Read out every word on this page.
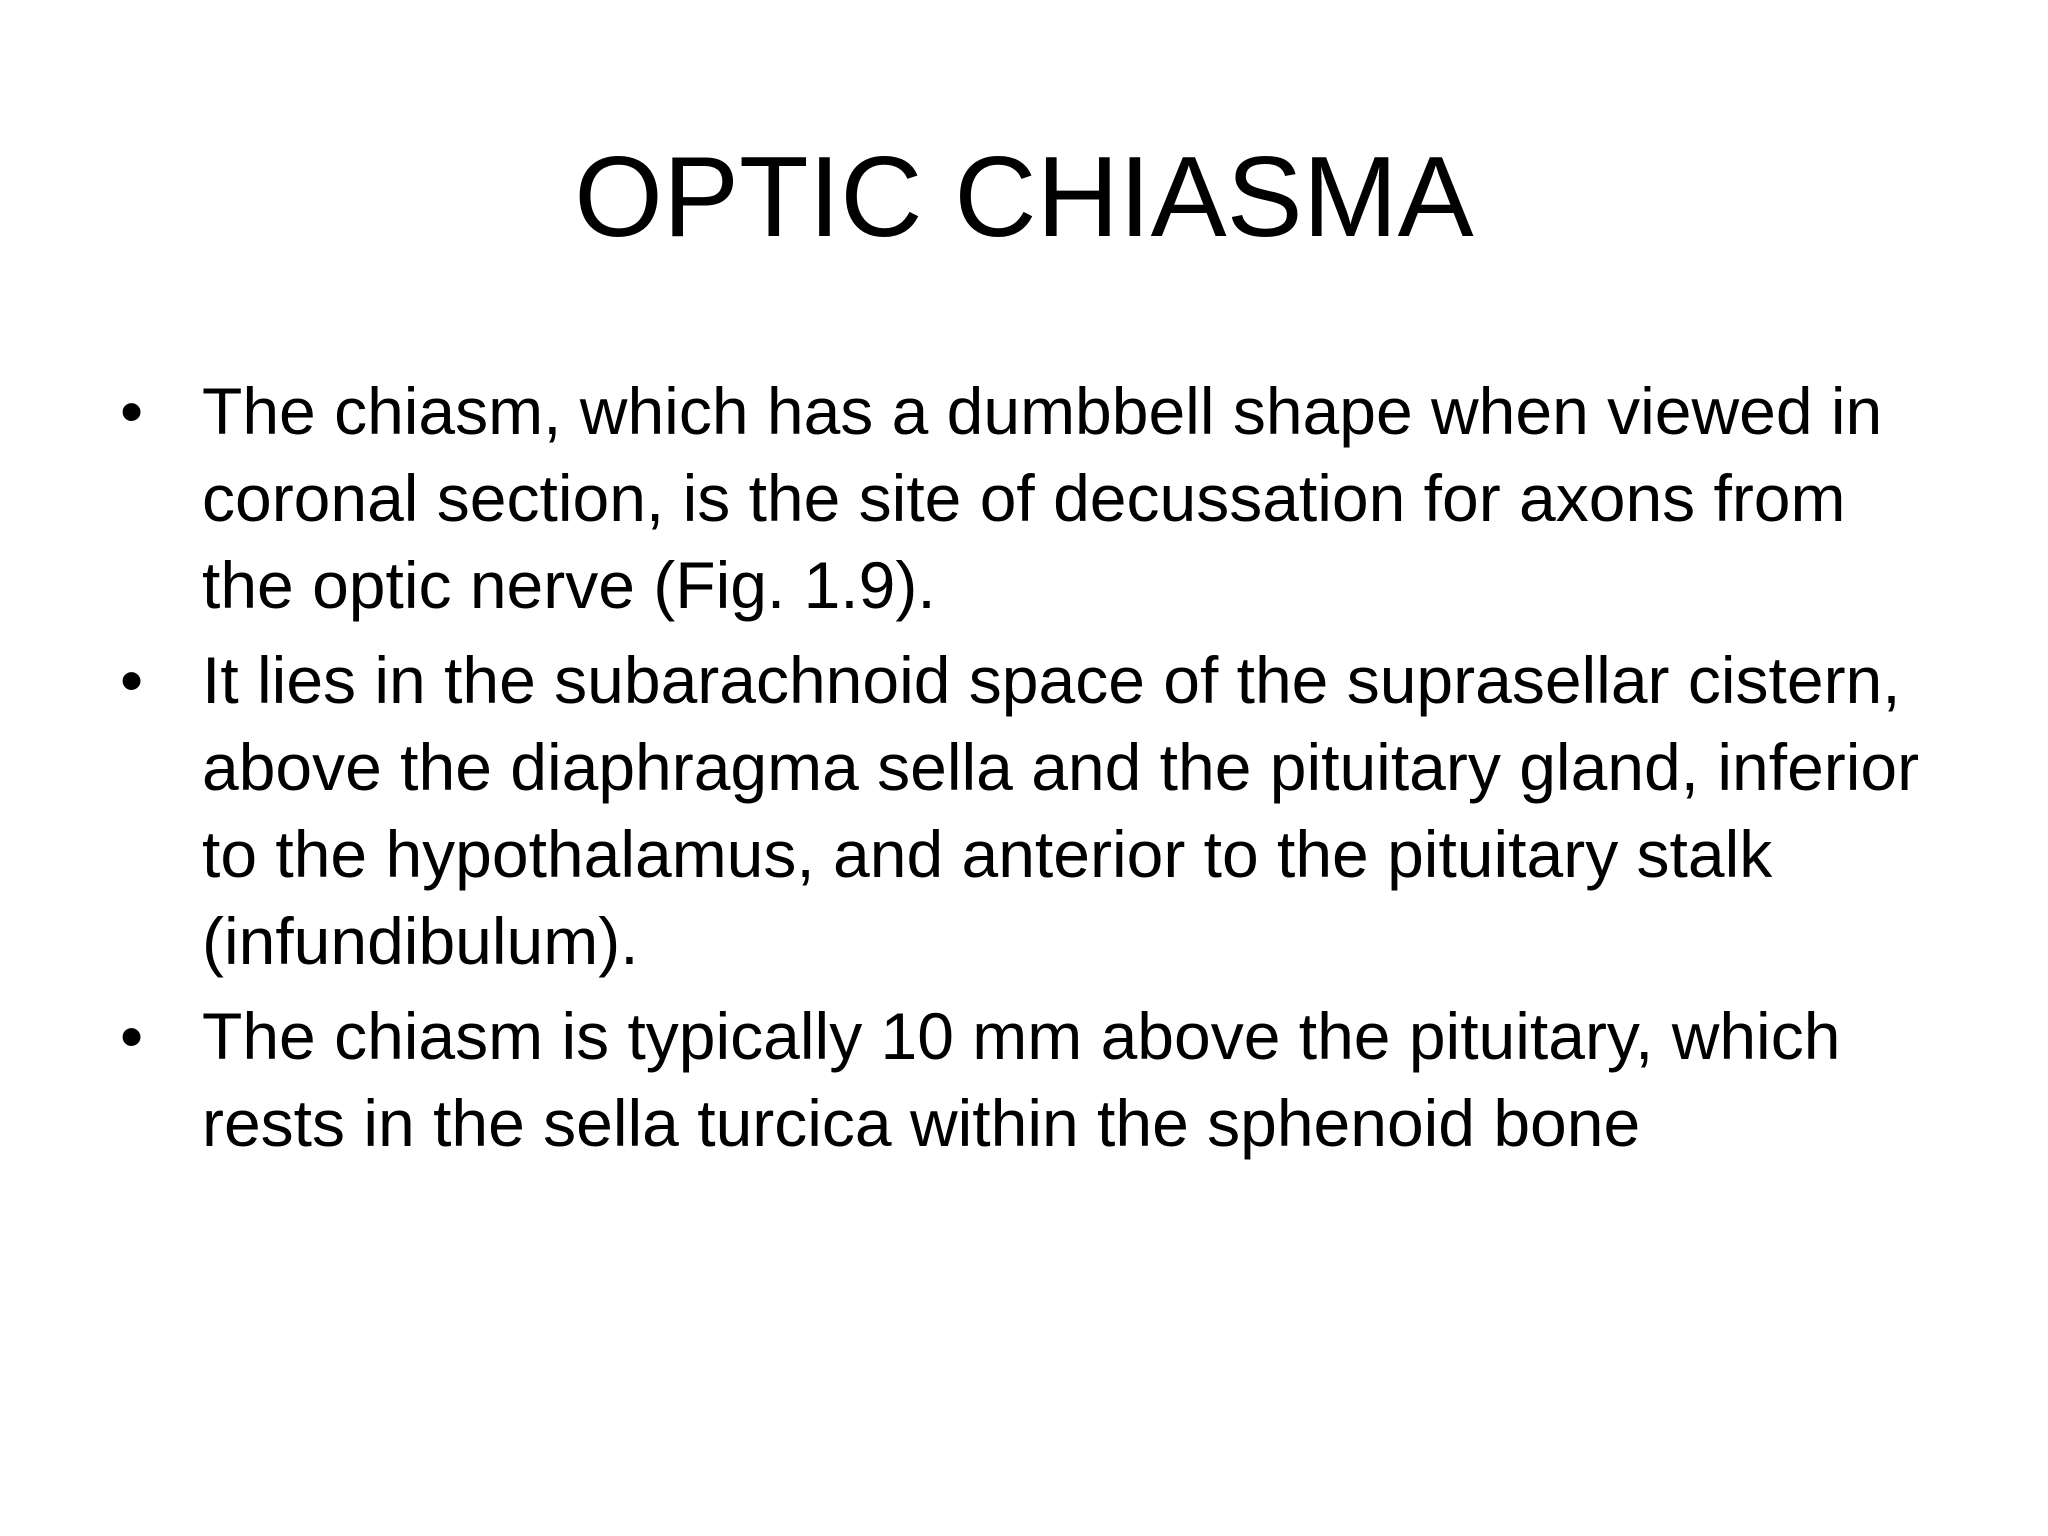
OPTIC CHIASMA
• The chiasm, which has a dumbbell shape when viewed in coronal section, is the site of decussation for axons from the optic nerve (Fig. 1.9).
• It lies in the subarachnoid space of the suprasellar cistern, above the diaphragma sella and the pituitary gland, inferior to the hypothalamus, and anterior to the pituitary stalk (infundibulum).
• The chiasm is typically 10 mm above the pituitary, which rests in the sella turcica within the sphenoid bone
